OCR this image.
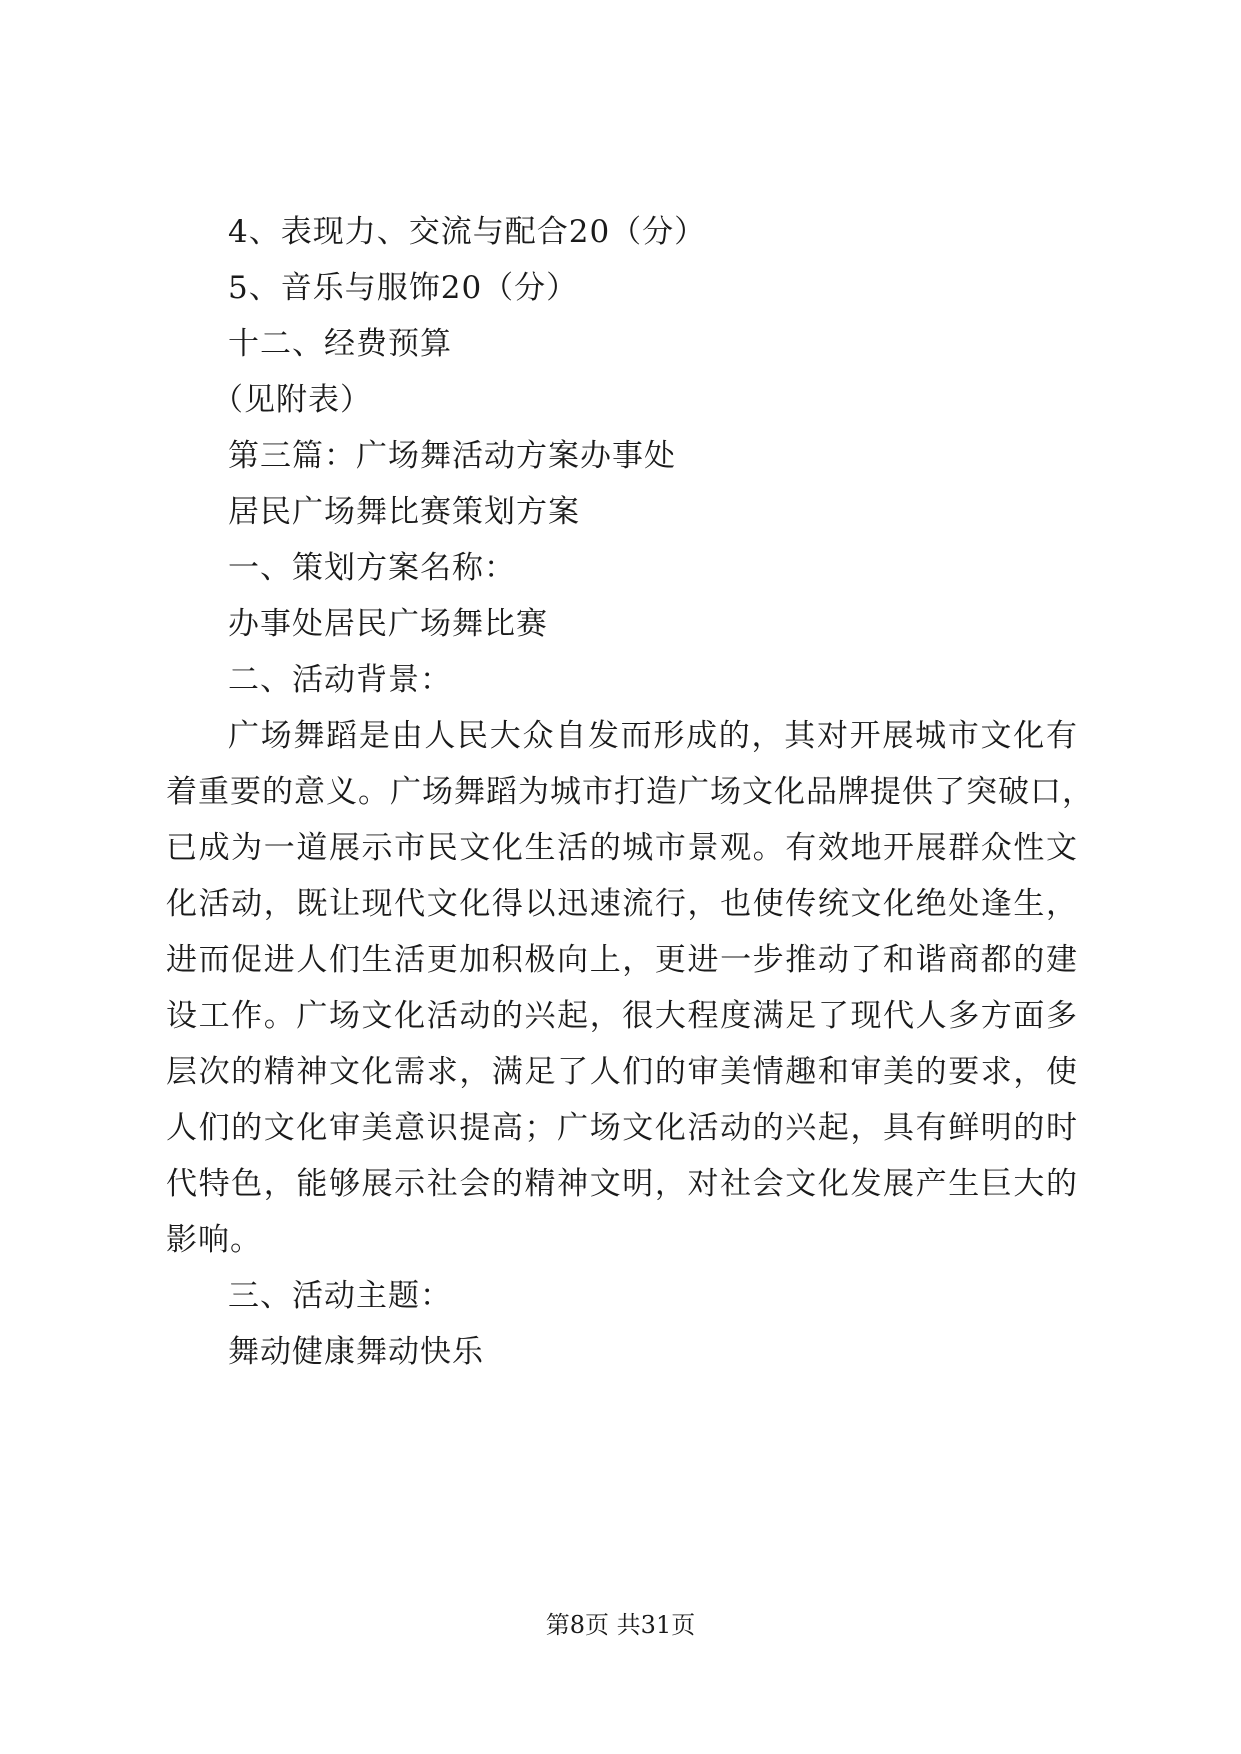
4、表现力、交流与配合20（分）
5、音乐与服饰20（分）
十二、经费预算
（见附表）
第三篇：广场舞活动方案办事处
居民广场舞比赛策划方案
一、策划方案名称：
办事处居民广场舞比赛
二、活动背景：
广场舞蹈是由人民大众自发而形成的，其对开展城市文化有
着重要的意义。广场舞蹈为城市打造广场文化品牌提供了突破口，
已成为一道展示市民文化生活的城市景观。有效地开展群众性文
化活动，既让现代文化得以迅速流行，也使传统文化绝处逢生，
进而促进人们生活更加积极向上，更进一步推动了和谐商都的建
设工作。广场文化活动的兴起，很大程度满足了现代人多方面多
层次的精神文化需求，满足了人们的审美情趣和审美的要求，使
人们的文化审美意识提高；广场文化活动的兴起，具有鲜明的时
代特色，能够展示社会的精神文明，对社会文化发展产生巨大的
影响。
三、活动主题：
舞动健康舞动快乐
第8页 共31页
